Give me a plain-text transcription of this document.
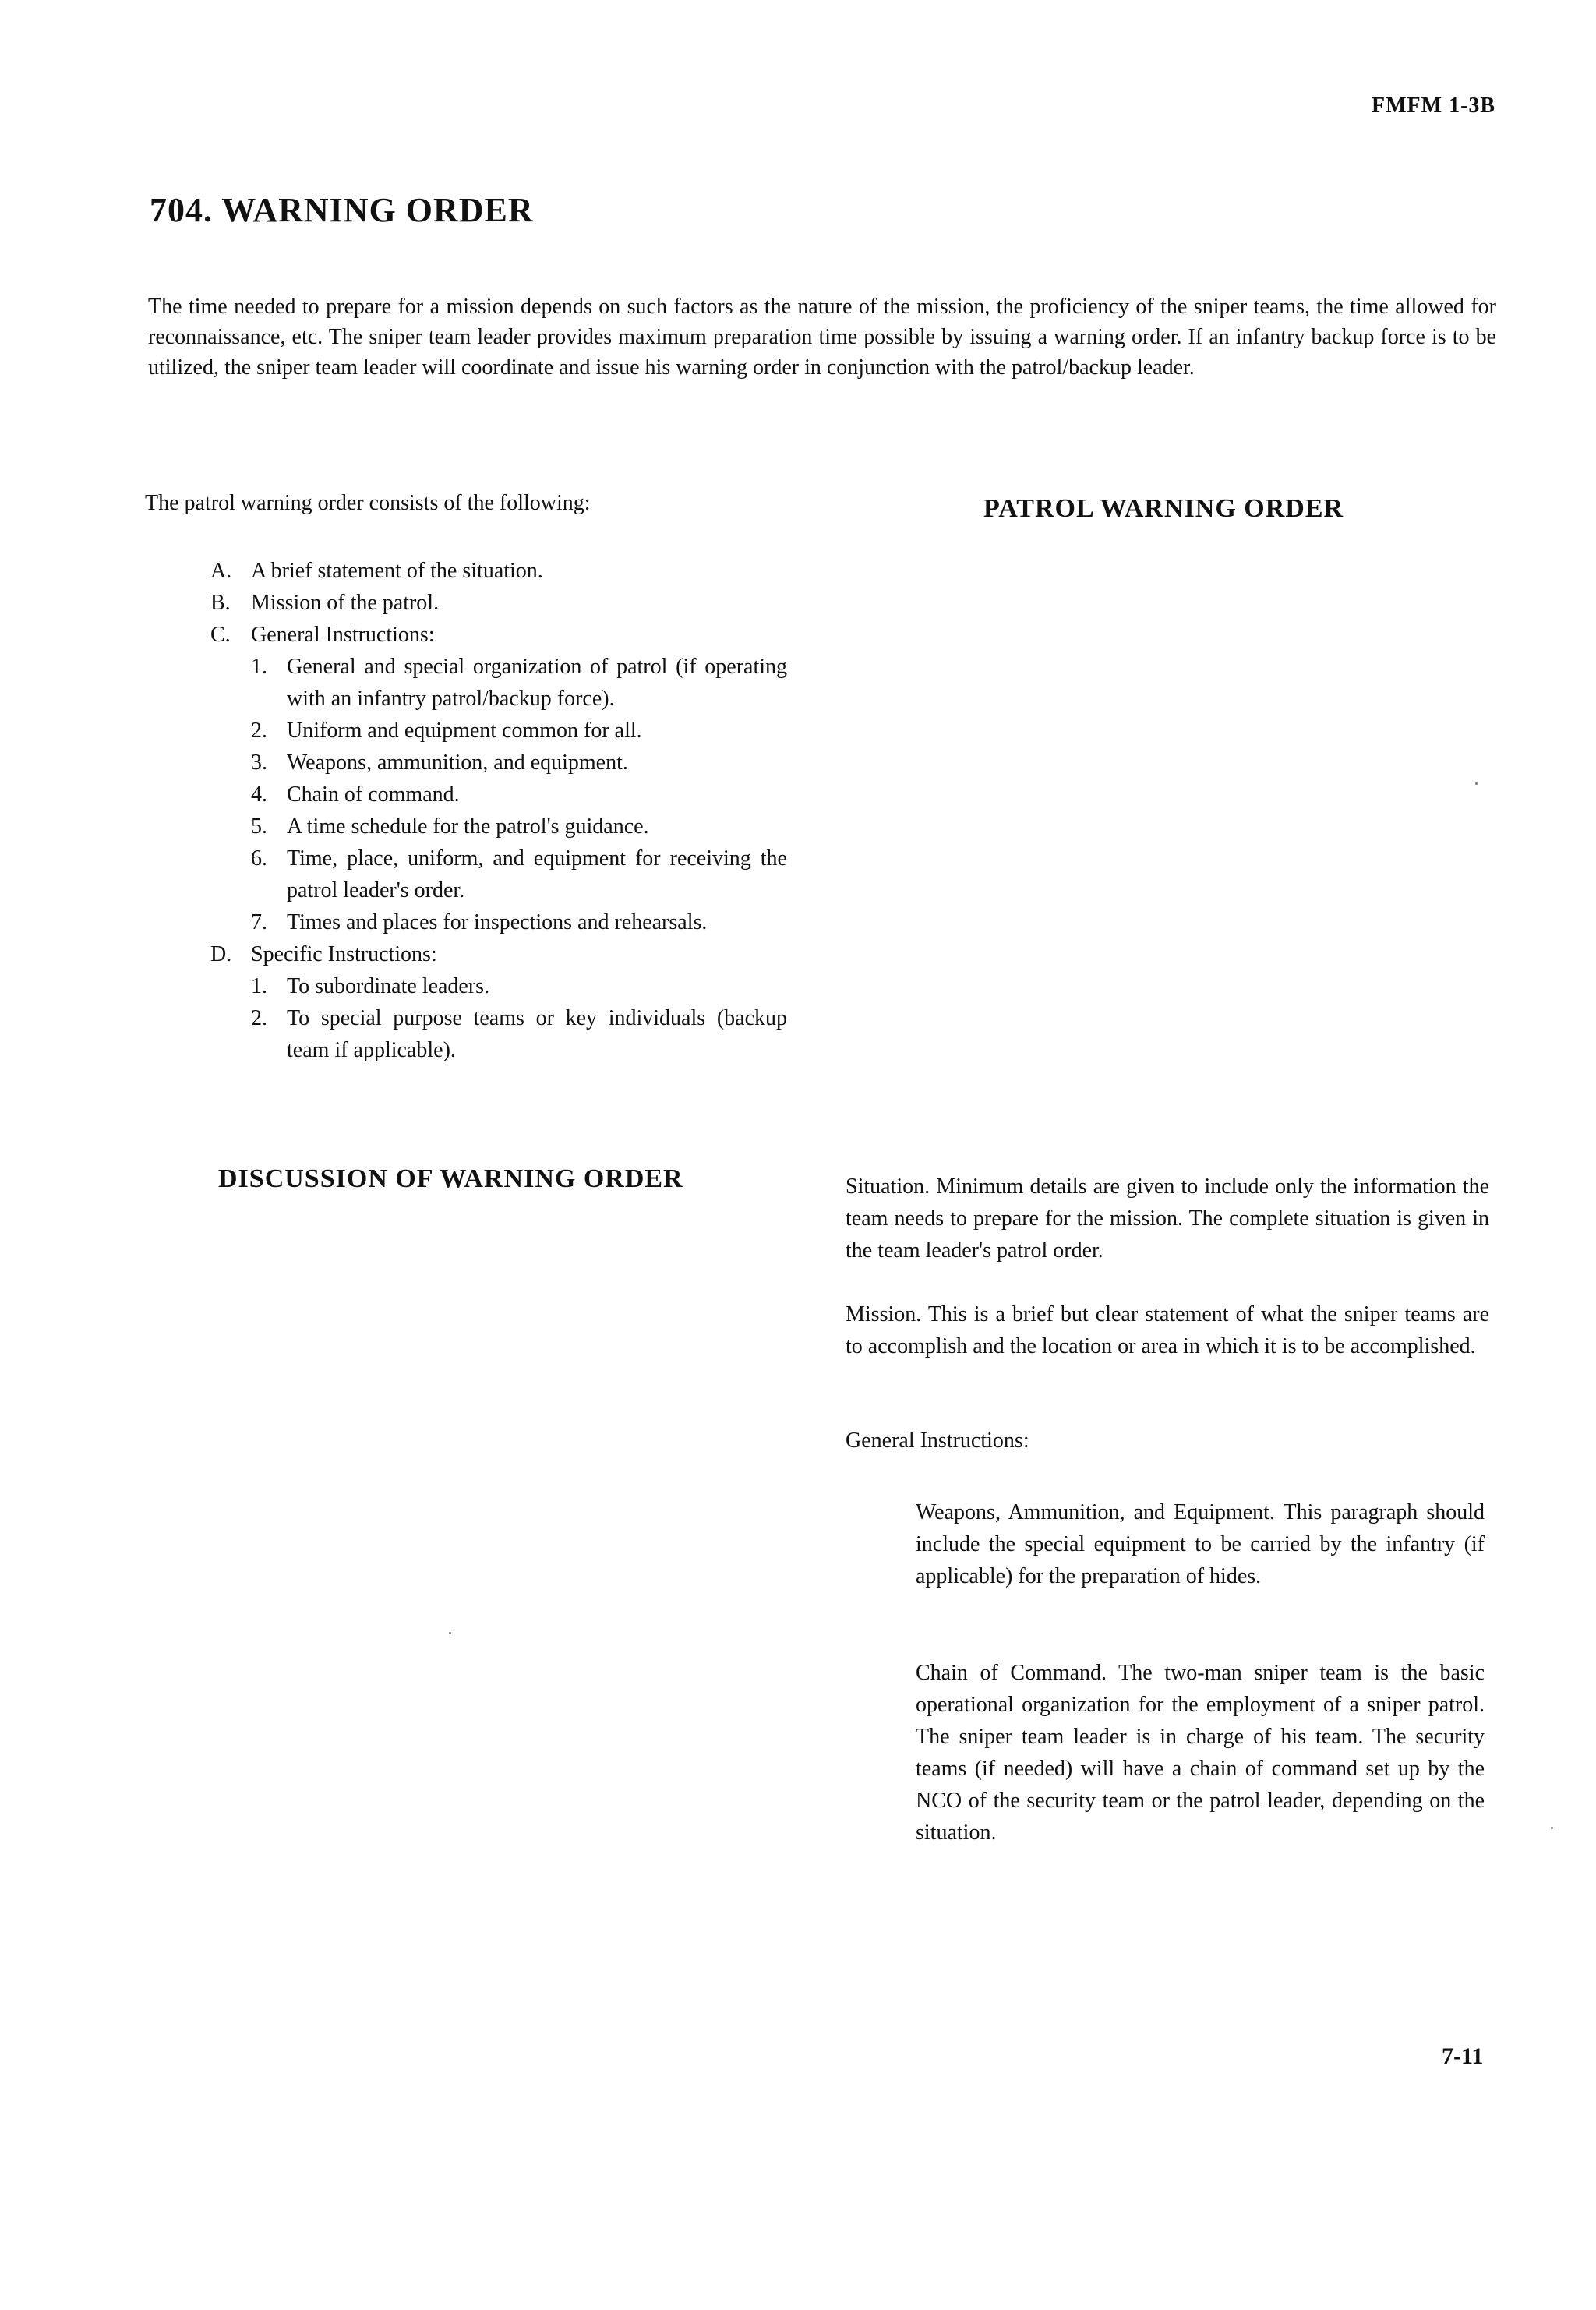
FMFM 1-3B
704. WARNING ORDER

The time needed to prepare for a mission depends on such factors as the nature of the mission, the proficiency of the sniper teams, the time allowed for reconnaissance, etc. The sniper team leader provides maximum preparation time possible by issuing a warning order. If an infantry backup force is to be utilized, the sniper team leader will coordinate and issue his warning order in conjunction with the patrol/backup leader.

The patrol warning order consists of the following:	PATROL WARNING ORDER
A. A brief statement of the situation.
B. Mission of the patrol.
C. General Instructions:
1. General and special organization of patrol (if operating with an infantry patrol/backup force).
2. Uniform and equipment common for all.
3. Weapons, ammunition, and equipment.
4. Chain of command.
5. A time schedule for the patrol's guidance.
6. Time, place, uniform, and equipment for receiving the patrol leader's order.
7. Times and places for inspections and rehearsals.
D. Specific Instructions:
1. To subordinate leaders.
2. To special purpose teams or key individuals (backup team if applicable).
DISCUSSION OF WARNING ORDER	Situation. Minimum details are given to include only the information the team needs to prepare for the mission. The complete situation is given in the team leader's patrol order.

Mission. This is a brief but clear statement of what the sniper teams are to accomplish and the location or area in which it is to be accomplished.

General Instructions:

Weapons, Ammunition, and Equipment. This paragraph should include the special equipment to be carried by the infantry (if applicable) for the preparation of hides.

Chain of Command. The two-man sniper team is the basic operational organization for the employment of a sniper patrol. The sniper team leader is in charge of his team. The security teams (if needed) will have a chain of command set up by the NCO of the security team or the patrol leader, depending on the situation.

7-11
